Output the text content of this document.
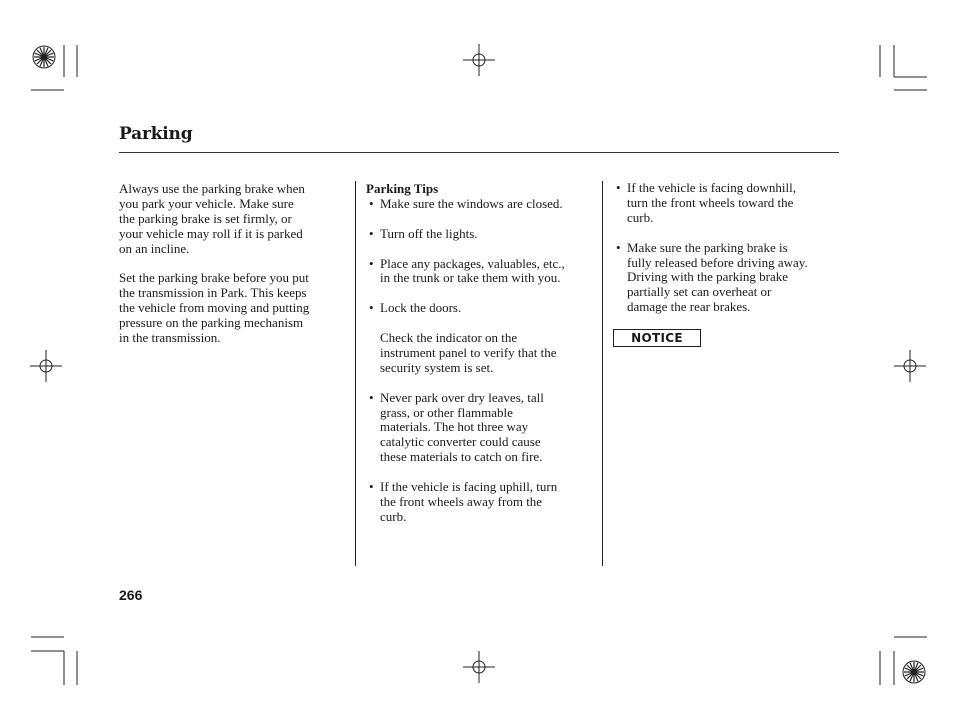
Parking

Always use the parking brake when

you park your vehicle. Make sure

the parking brake is set firmly, or

your vehicle may roll if it is parked

on an incline.

Set the parking brake before you put

the transmission in Park. This keeps

the vehicle from moving and putting

pressure on the parking mechanism

in the transmission.

Parking Tips

• Make sure the windows are closed.

• Turn off the lights.

• Place any packages, valuables, etc.,

in the trunk or take them with you.

• Lock the doors.

Check the indicator on the

instrument panel to verify that the

security system is set.

• Never park over dry leaves, tall

grass, or other flammable

materials. The hot three way

catalytic converter could cause

these materials to catch on fire.

• If the vehicle is facing uphill, turn

the front wheels away from the

curb.

• If the vehicle is facing downhill,

turn the front wheels toward the

curb.

• Make sure the parking brake is

fully released before driving away.

Driving with the parking brake

partially set can overheat or

damage the rear brakes.

NOTICE
266
